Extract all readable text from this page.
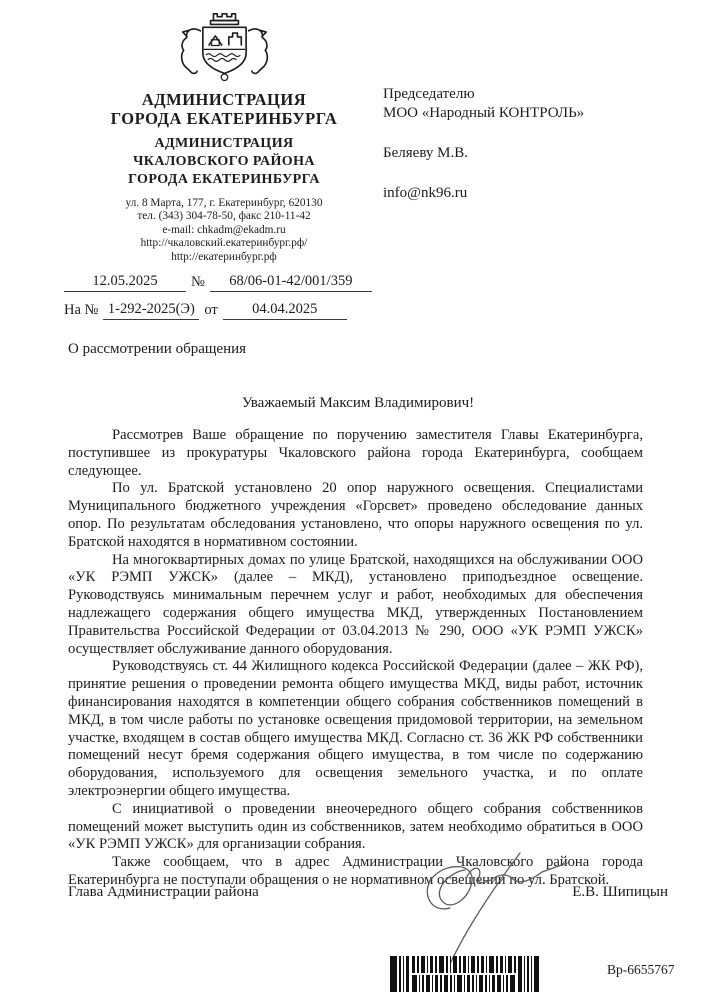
АДМИНИСТРАЦИЯ
ГОРОДА ЕКАТЕРИНБУРГА
АДМИНИСТРАЦИЯ
ЧКАЛОВСКОГО РАЙОНА
ГОРОДА ЕКАТЕРИНБУРГА
ул. 8 Марта, 177, г. Екатеринбург, 620130
тел. (343) 304-78-50, факс 210-11-42
e-mail: chkadm@ekadm.ru
http://чкаловский.екатеринбург.рф/
http://екатеринбург.рф
12.05.2025	№	68/06-01-42/001/359
На № 1-292-2025(Э) от	04.04.2025
Председателю
МОО «Народный КОНТРОЛЬ»
Беляеву М.В.
info@nk96.ru
О рассмотрении обращения
Уважаемый Максим Владимирович!

Рассмотрев Ваше обращение по поручению заместителя Главы Екатеринбурга, поступившее из прокуратуры Чкаловского района города Екатеринбурга, сообщаем следующее.

По ул. Братской установлено 20 опор наружного освещения. Специалистами Муниципального бюджетного учреждения «Горсвет» проведено обследование данных опор. По результатам обследования установлено, что опоры наружного освещения по ул. Братской находятся в нормативном состоянии.

На многоквартирных домах по улице Братской, находящихся на обслуживании ООО «УК РЭМП УЖСК» (далее – МКД), установлено приподъездное освещение. Руководствуясь минимальным перечнем услуг и работ, необходимых для обеспечения надлежащего содержания общего имущества МКД, утвержденных Постановлением Правительства Российской Федерации от 03.04.2013 № 290, ООО «УК РЭМП УЖСК» осуществляет обслуживание данного оборудования.

Руководствуясь ст. 44 Жилищного кодекса Российской Федерации (далее – ЖК РФ), принятие решения о проведении ремонта общего имущества МКД, виды работ, источник финансирования находятся в компетенции общего собрания собственников помещений в МКД, в том числе работы по установке освещения придомовой территории, на земельном участке, входящем в состав общего имущества МКД. Согласно ст. 36 ЖК РФ собственники помещений несут бремя содержания общего имущества, в том числе по содержанию оборудования, используемого для освещения земельного участка, и по оплате электроэнергии общего имущества.

С инициативой о проведении внеочередного общего собрания собственников помещений может выступить один из собственников, затем необходимо обратиться в ООО «УК РЭМП УЖСК» для организации собрания.

Также сообщаем, что в адрес Администрации Чкаловского района города Екатеринбурга не поступали обращения о не нормативном освещении по ул. Братской.

Глава Администрации района	Е.В. Шипицын
Вр-6655767
